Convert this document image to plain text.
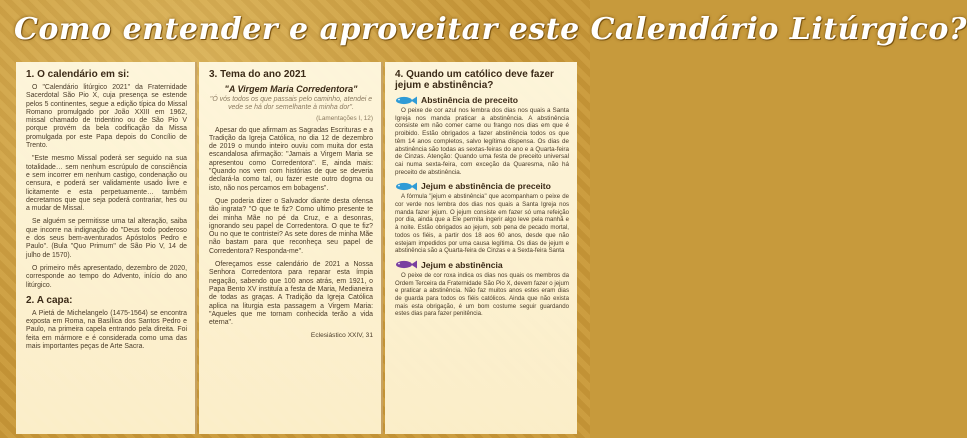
Como entender e aproveitar este Calendário Litúrgico?
1. O calendário em si:

O "Calendário litúrgico 2021" da Fraternidade Sacerdotal São Pio X, cuja presença se estende pelos 5 continentes, segue a edição típica do Missal Romano promulgado por João XXIII em 1962, missal chamado de tridentino ou de São Pio V porque provém da bela codificação da Missa promulgada por este Papa depois do Concílio de Trento.

"Este mesmo Missal poderá ser seguido na sua totalidade… sem nenhum escrúpulo de consciência e sem incorrer em nenhum castigo, condenação ou censura, e poderá ser validamente usado livre e licitamente e esta perpetuamente… também decretamos que que seja poderá contrariar, hes ou a mudar de Missal.

Se alguém se permitisse uma tal alteração, saiba que incorre na indignação do "Deus todo poderoso e dos seus bem-aventurados Apóstolos Pedro e Paulo". (Bula "Quo Primum" de São Pio V, 14 de julho de 1570).

O primeiro mês apresentado, dezembro de 2020, corresponde ao tempo do Advento, início do ano litúrgico.

2. A capa:

A Pietá de Michelangelo (1475-1564) se encontra exposta em Roma, na Basílica dos Santos Pedro e Paulo, na primeira capela entrando pela direita. Foi feita em mármore e é considerada como uma das mais importantes peças de Arte Sacra.

3. Tema do ano 2021
"A Virgem Maria Corredentora"
"Ó vós todos os que passais pelo caminho, atendei e vede se há dor semelhante à minha dor".
(Lamentações I, 12)

Apesar do que afirmam as Sagradas Escrituras e a Tradição da Igreja Católica, no dia 12 de dezembro de 2019 o mundo inteiro ouviu com muita dor esta escandalosa afirmação: "Jamais a Virgem Maria se apresentou como Corredentora". E, ainda mais: "Quando nos vem com histórias de que se deveria declará-la como tal, ou fazer este outro dogma ou isto, não nos percamos em bobagens".

Que poderia dizer o Salvador diante desta ofensa tão ingrata? "O que te fiz? Como ultimo presente te dei minha Mãe no pé da Cruz, e a desonras, ignorando seu papel de Corredentora. O que te fiz? Ou no que te contristei? As sete dores de minha Mãe não bastam para que reconheça seu papel de Corredentora? Responda-me".

Ofereçamos esse calendário de 2021 a Nossa Senhora Corredentora para reparar esta ímpia negação, sabendo que 100 anos atrás, em 1921, o Papa Bento XV instituía a festa de Maria, Medianeira de todas as graças. A Tradição da Igreja Católica aplica na liturgia esta passagem a Virgem Maria: "Aqueles que me tornam conhecida terão a vida eterna".

Eclesiástico XXIV, 31
4. Quando um católico deve fazer jejum e abstinência?
Abstinência de preceito

O peixe de cor azul nos lembra dos dias nos quais a Santa Igreja nos manda praticar a abstinência. A abstinência consiste em não comer carne ou frango nos dias em que é proibido. Estão obrigados a fazer abstinência todos os que têm 14 anos completos, salvo legítima dispensa. Os dias de abstinência são todas as sextas-feiras do ano e a Quarta-feira de Cinzas. Atenção: Quando uma festa de preceito universal cai numa sexta-feira, com exceção da Quaresma, não há preceito de abstinência.

Jejum e abstinência de preceito

A fórmula "jejum e abstinência" que acompanham o peixe de cor verde nos lembra dos dias nos quais a Santa Igreja nos manda fazer jejum. O jejum consiste em fazer só uma refeição por dia, ainda que a Ele permita ingerir algo leve pela manhã e à noite. Estão obrigados ao jejum, sob pena de pecado mortal, todos os fiéis, a partir dos 18 aos 60 anos, desde que não estejam impedidos por uma causa legítima. Os dias de jejum e abstinência são a Quarta-feira de Cinzas e a Sexta-feira Santa

Jejum e abstinência

O peixe de cor roxa indica os dias nos quais os membros da Ordem Terceira da Fraternidade São Pio X, devem fazer o jejum e praticar a abstinência. Não faz muitos anos estes eram dias de guarda para todos os fiéis católicos. Ainda que não exista mais esta obrigação, é um bom costume seguir guardando estes dias para fazer penitência.
